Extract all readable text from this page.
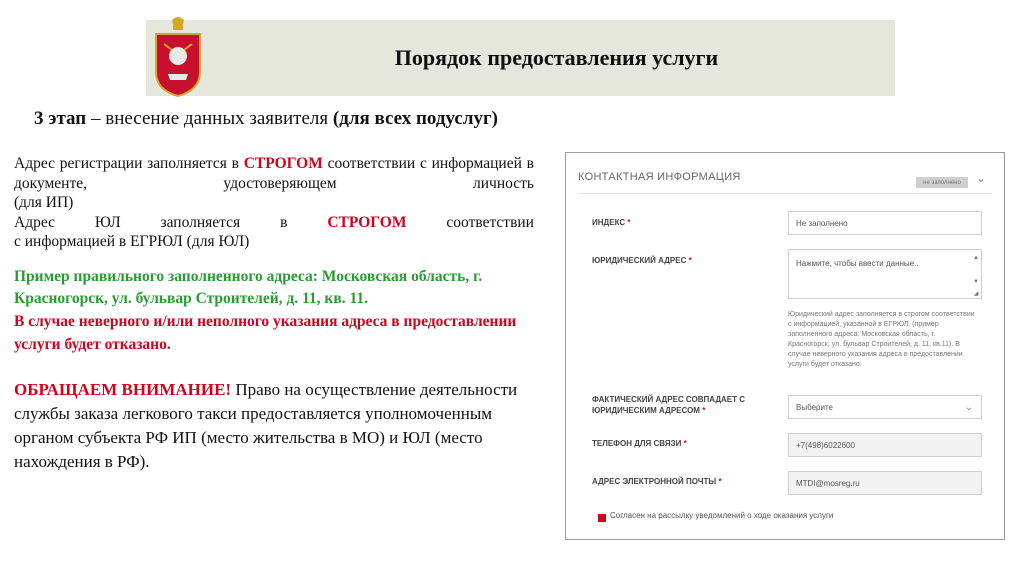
Порядок предоставления услуги
3 этап – внесение данных заявителя (для всех подуслуг)

Адрес регистрации заполняется в СТРОГОМ соответствии с информацией в документе, удостоверяющем личность

(для ИП)

Адрес ЮЛ заполняется в СТРОГОМ соответствии

с информацией в ЕГРЮЛ (для ЮЛ)

Пример правильного заполненного адреса: Московская область, г. Красногорск, ул. бульвар Строителей, д. 11, кв. 11.

В случае неверного и/или неполного указания адреса в предоставлении услуги будет отказано.

ОБРАЩАЕМ ВНИМАНИЕ! Право на осуществление деятельности службы заказа легкового такси предоставляется уполномоченным органом субъекта РФ ИП (место жительства в МО) и ЮЛ (место нахождения в РФ).

КОНТАКТНАЯ ИНФОРМАЦИЯ	не заполнено	⌄
ИНДЕКС *	Не заполнено
ЮРИДИЧЕСКИЙ АДРЕС *	Нажмите, чтобы ввести данные..
▲

▼
◢
Юридический адрес заполняется в строгом соответствии с информацией, указанной в ЕГРЮЛ. (пример заполненного адреса: Московская область, г. Красногорск, ул. бульвар Строителей, д. 11, кв.11). В случае неверного указания адреса в предоставлении услуги будет отказано.
ФАКТИЧЕСКИЙ АДРЕС СОВПАДАЕТ С
ЮРИДИЧЕСКИМ АДРЕСОМ *	Выберите	⌄
ТЕЛЕФОН ДЛЯ СВЯЗИ *	+7(498)6022600
АДРЕС ЭЛЕКТРОННОЙ ПОЧТЫ *	MTDI@mosreg.ru
Согласен на рассылку уведомлений о ходе оказания услуги
